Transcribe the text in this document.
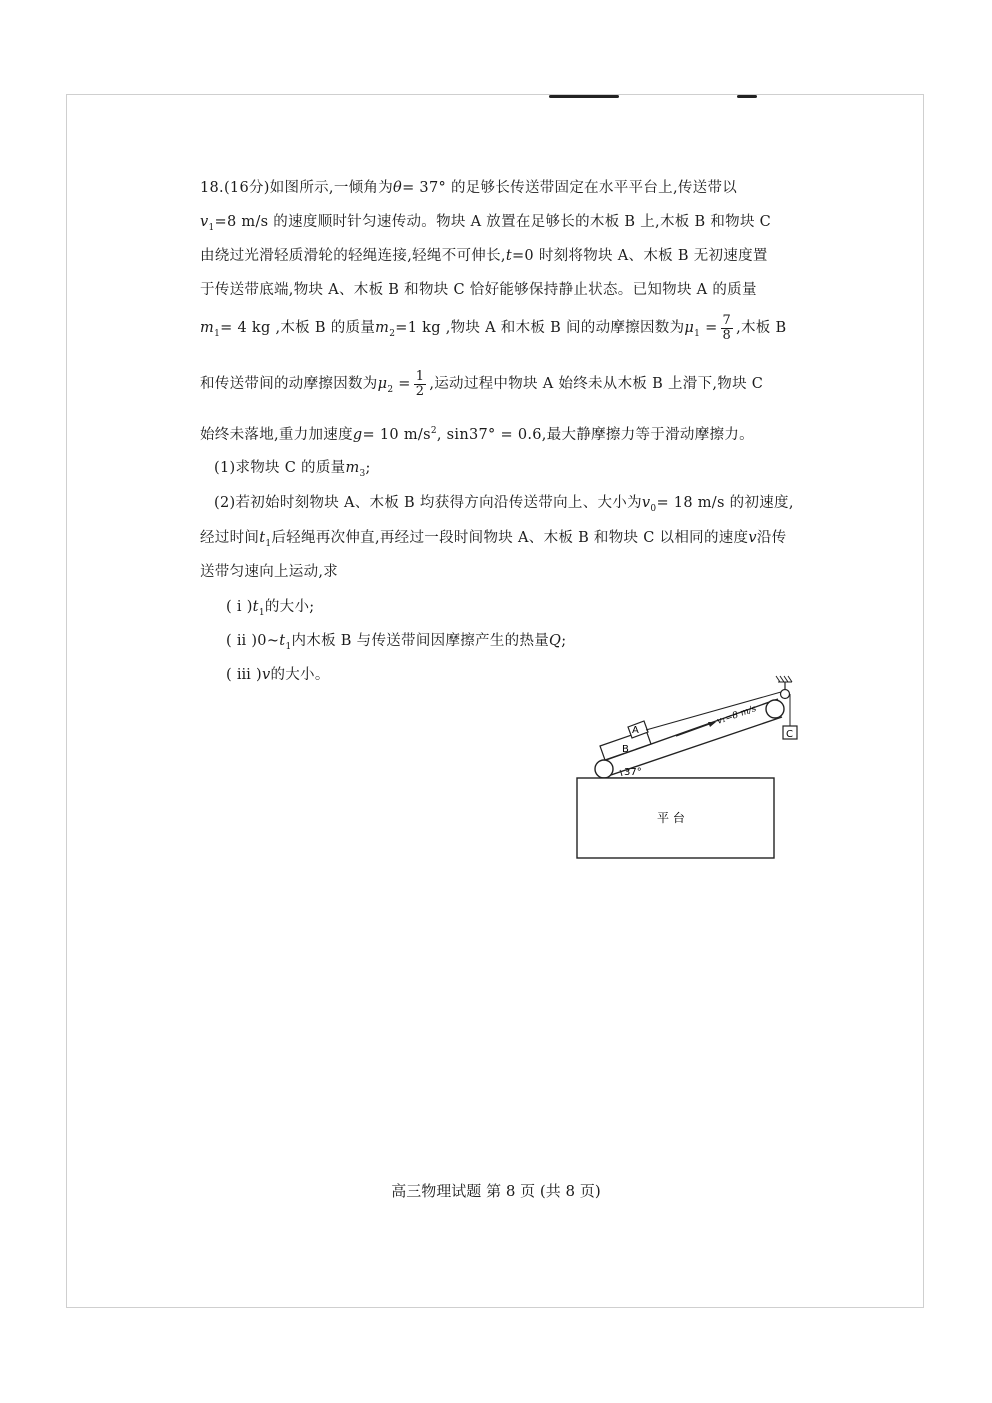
18.(16分)如图所示,一倾角为θ= 37° 的足够长传送带固定在水平平台上,传送带以
$v_1=8$ m/s 的速度顺时针匀速传动。物块 A 放置在足够长的木板 B 上,木板 B 和物块 C
由绕过光滑轻质滑轮的轻绳连接,轻绳不可伸长,t=0 时刻将物块 A、木板 B 无初速度置
于传送带底端,物块 A、木板 B 和物块 C 恰好能够保持静止状态。已知物块 A 的质量
$m_1= 4$ kg ,木板 B 的质量$m_2=1$ kg ,物块 A 和木板 B 间的动摩擦因数为$\mu_1 = \frac{7}{8}$ ,木板 B
和传送带间的动摩擦因数为$\mu_2 = \frac{1}{2}$ ,运动过程中物块 A 始终未从木板 B 上滑下,物块 C
始终未落地,重力加速度g= 10 $m/s^2$, sin37° = 0.6,最大静摩擦力等于滑动摩擦力。
(1)求物块 C 的质量$m_3$;
(2)若初始时刻物块 A、木板 B 均获得方向沿传送带向上、大小为$v_0= 18$ m/s 的初速度,
经过时间$t_1$后轻绳再次伸直,再经过一段时间物块 A、木板 B 和物块 C 以相同的速度v沿传
送带匀速向上运动,求
( ⅰ )$t_1$的大小;
( ⅱ )$0\sim t_1$内木板 B 与传送带间因摩擦产生的热量Q;
( ⅲ )v的大小。
A
B
C
v₁=8 m/s
37°
平 台
高三物理试题 第 8 页 (共 8 页)
